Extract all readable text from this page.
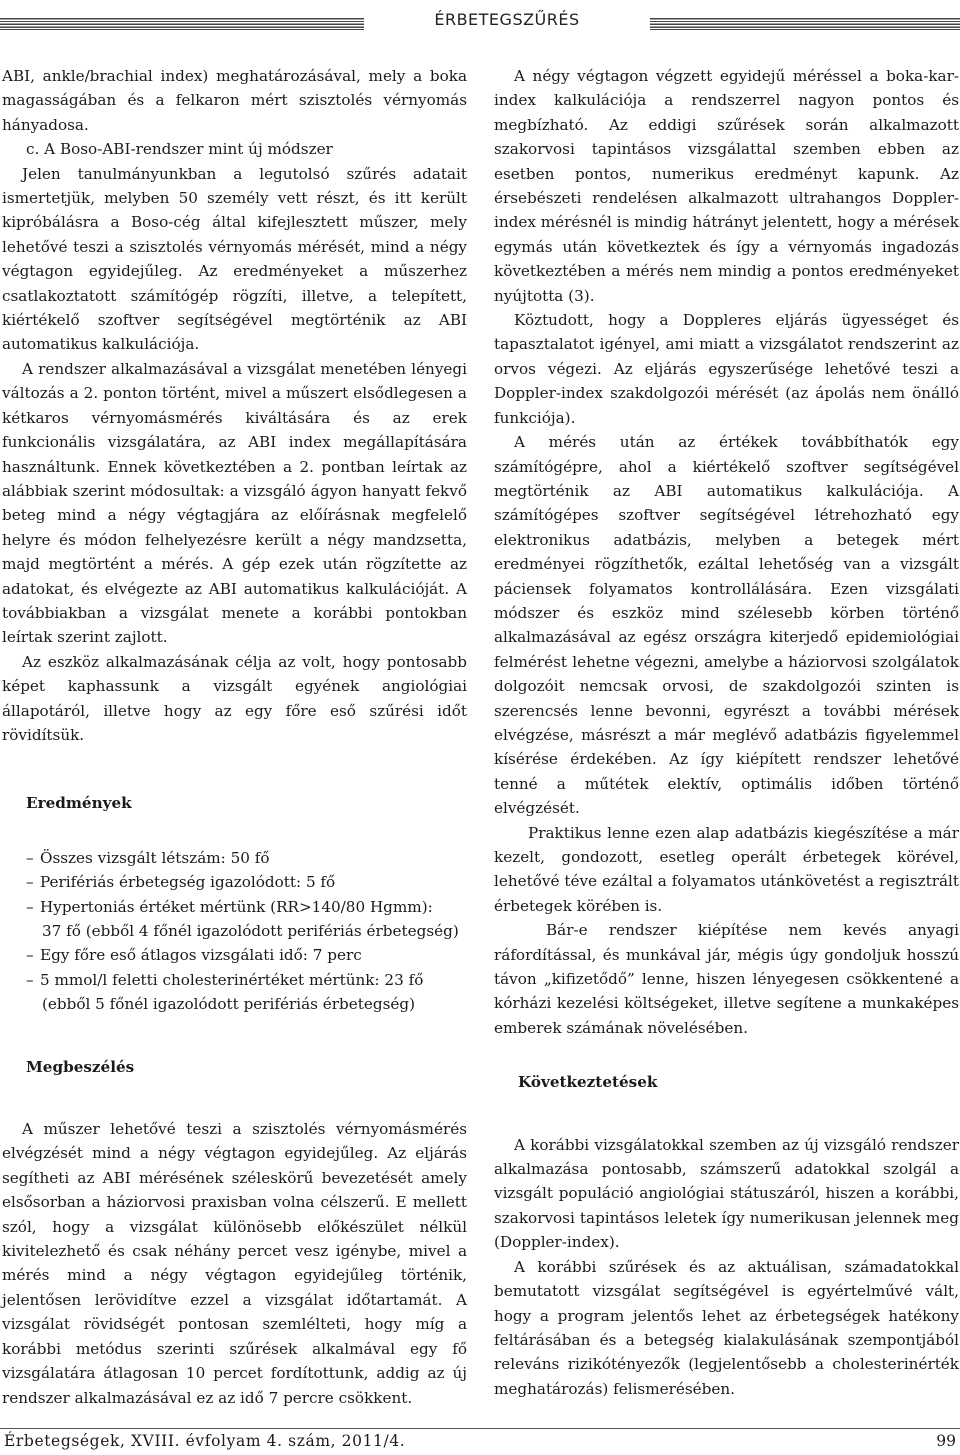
ÉRBETEGSZŰRÉS

ABI, ankle/brachial index) meghatározásával, mely a boka magasságában és a felkaron mért szisztolés vérnyomás hányadosa.

c. A Boso-ABI-rendszer mint új módszer

Jelen tanulmányunkban a legutolsó szűrés adatait ismertetjük, melyben 50 személy vett részt, és itt került kipróbálásra a Boso-cég által kifejlesztett műszer, mely lehetővé teszi a szisztolés vérnyomás mérését, mind a négy végtagon egyidejűleg. Az eredményeket a műszerhez csatlakoztatott számítógép rögzíti, illetve, a telepített, kiértékelő szoftver segítségével megtörténik az ABI automatikus kalkulációja.

A rendszer alkalmazásával a vizsgálat menetében lényegi változás a 2. ponton történt, mivel a műszert elsődlegesen a kétkaros vérnyomásmérés kiváltására és az erek funkcionális vizsgálatára, az ABI index megállapítására használtunk. Ennek következtében a 2. pontban leírtak az alábbiak szerint módosultak: a vizsgáló ágyon hanyatt fekvő beteg mind a négy végtagjára az előírásnak megfelelő helyre és módon felhelyezésre került a négy mandzsetta, majd megtörtént a mérés. A gép ezek után rögzítette az adatokat, és elvégezte az ABI automatikus kalkulációját. A továbbiakban a vizsgálat menete a korábbi pontokban leírtak szerint zajlott.

Az eszköz alkalmazásának célja az volt, hogy pontosabb képet kaphassunk a vizsgált egyének angiológiai állapotáról, illetve hogy az egy főre eső szűrési időt rövidítsük.

Eredmények

– Összes vizsgált létszám: 50 fő
– Perifériás érbetegség igazolódott: 5 fő
– Hypertoniás értéket mértünk (RR>140/80 Hgmm):
37 fő (ebből 4 főnél igazolódott perifériás érbetegség)
– Egy főre eső átlagos vizsgálati idő: 7 perc
– 5 mmol/l feletti cholesterinértéket mértünk: 23 fő
(ebből 5 főnél igazolódott perifériás érbetegség)

Megbeszélés

A műszer lehetővé teszi a szisztolés vérnyomásmérés elvégzését mind a négy végtagon egyidejűleg. Az eljárás segítheti az ABI mérésének széleskörű bevezetését amely elsősorban a háziorvosi praxisban volna célszerű. E mellett szól, hogy a vizsgálat különösebb előkészület nélkül kivitelezhető és csak néhány percet vesz igénybe, mivel a mérés mind a négy végtagon egyidejűleg történik, jelentősen lerövidítve ezzel a vizsgálat időtartamát. A vizsgálat rövidségét pontosan szemlélteti, hogy míg a korábbi metódus szerinti szűrések alkalmával egy fő vizsgálatára átlagosan 10 percet fordítottunk, addig az új rendszer alkalmazásával ez az idő 7 percre csökkent.

A négy végtagon végzett egyidejű méréssel a boka-kar-index kalkulációja a rendszerrel nagyon pontos és megbízható. Az eddigi szűrések során alkalmazott szakorvosi tapintásos vizsgálattal szemben ebben az esetben pontos, numerikus eredményt kapunk. Az érsebészeti rendelésen alkalmazott ultrahangos Doppler-index mérésnél is mindig hátrányt jelentett, hogy a mérések egymás után következtek és így a vérnyomás ingadozás következtében a mérés nem mindig a pontos eredményeket nyújtotta (3).

Köztudott, hogy a Doppleres eljárás ügyességet és tapasztalatot igényel, ami miatt a vizsgálatot rendszerint az orvos végezi. Az eljárás egyszerűsége lehetővé teszi a Doppler-index szakdolgozói mérését (az ápolás nem önálló funkciója).

A mérés után az értékek továbbíthatók egy számítógépre, ahol a kiértékelő szoftver segítségével megtörténik az ABI automatikus kalkulációja. A számítógépes szoftver segítségével létrehozható egy elektronikus adatbázis, melyben a betegek mért eredményei rögzíthetők, ezáltal lehetőség van a vizsgált páciensek folyamatos kontrollálására. Ezen vizsgálati módszer és eszköz mind szélesebb körben történő alkalmazásával az egész országra kiterjedő epidemiológiai felmérést lehetne végezni, amelybe a háziorvosi szolgálatok dolgozóit nemcsak orvosi, de szakdolgozói szinten is szerencsés lenne bevonni, egyrészt a további mérések elvégzése, másrészt a már meglévő adatbázis figyelemmel kísérése érdekében. Az így kiépített rendszer lehetővé tenné a műtétek elektív, optimális időben történő elvégzését.

Praktikus lenne ezen alap adatbázis kiegészítése a már kezelt, gondozott, esetleg operált érbetegek körével, lehetővé téve ezáltal a folyamatos utánkövetést a regisztrált érbetegek körében is.

Bár-e rendszer kiépítése nem kevés anyagi ráfordítással, és munkával jár, mégis úgy gondoljuk hosszú távon „kifizetődő” lenne, hiszen lényegesen csökkentené a kórházi kezelési költségeket, illetve segítene a munkaképes emberek számának növelésében.

Következtetések

A korábbi vizsgálatokkal szemben az új vizsgáló rendszer alkalmazása pontosabb, számszerű adatokkal szolgál a vizsgált populáció angiológiai státuszáról, hiszen a korábbi, szakorvosi tapintásos leletek így numerikusan jelennek meg (Doppler-index).

A korábbi szűrések és az aktuálisan, számadatokkal bemutatott vizsgálat segítségével is egyértelművé vált, hogy a program jelentős lehet az érbetegségek hatékony feltárásában és a betegség kialakulásának szempontjából releváns rizikótényezők (legjelentősebb a cholesterinérték meghatározás) felismerésében.

Érbetegségek, XVIII. évfolyam 4. szám, 2011/4.	99
